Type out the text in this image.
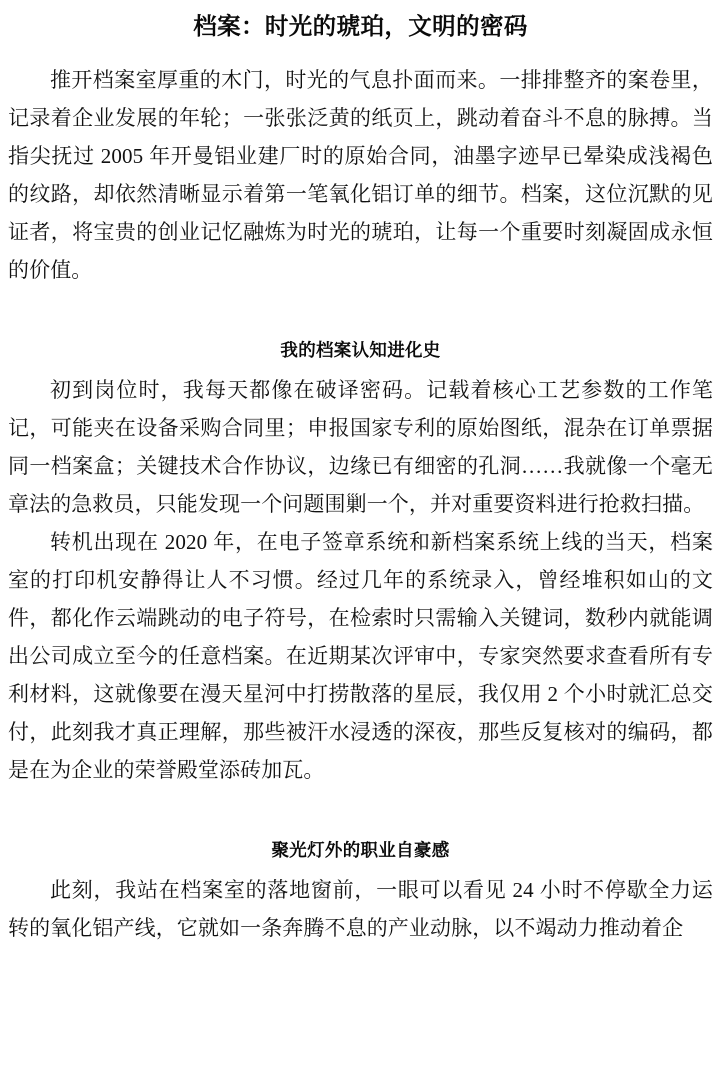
档案：时光的琥珀，文明的密码

推开档案室厚重的木门，时光的气息扑面而来。一排排整齐的案卷里，记录着企业发展的年轮；一张张泛黄的纸页上，跳动着奋斗不息的脉搏。当指尖抚过 2005 年开曼铝业建厂时的原始合同，油墨字迹早已晕染成浅褐色的纹路，却依然清晰显示着第一笔氧化铝订单的细节。档案，这位沉默的见证者，将宝贵的创业记忆融炼为时光的琥珀，让每一个重要时刻凝固成永恒的价值。

我的档案认知进化史

初到岗位时，我每天都像在破译密码。记载着核心工艺参数的工作笔记，可能夹在设备采购合同里；申报国家专利的原始图纸，混杂在订单票据同一档案盒；关键技术合作协议，边缘已有细密的孔洞……我就像一个毫无章法的急救员，只能发现一个问题围剿一个，并对重要资料进行抢救扫描。

转机出现在 2020 年，在电子签章系统和新档案系统上线的当天，档案室的打印机安静得让人不习惯。经过几年的系统录入，曾经堆积如山的文件，都化作云端跳动的电子符号，在检索时只需输入关键词，数秒内就能调出公司成立至今的任意档案。在近期某次评审中，专家突然要求查看所有专利材料，这就像要在漫天星河中打捞散落的星辰，我仅用 2 个小时就汇总交付，此刻我才真正理解，那些被汗水浸透的深夜，那些反复核对的编码，都是在为企业的荣誉殿堂添砖加瓦。

聚光灯外的职业自豪感

此刻，我站在档案室的落地窗前，一眼可以看见 24 小时不停歇全力运转的氧化铝产线，它就如一条奔腾不息的产业动脉，以不竭动力推动着企
